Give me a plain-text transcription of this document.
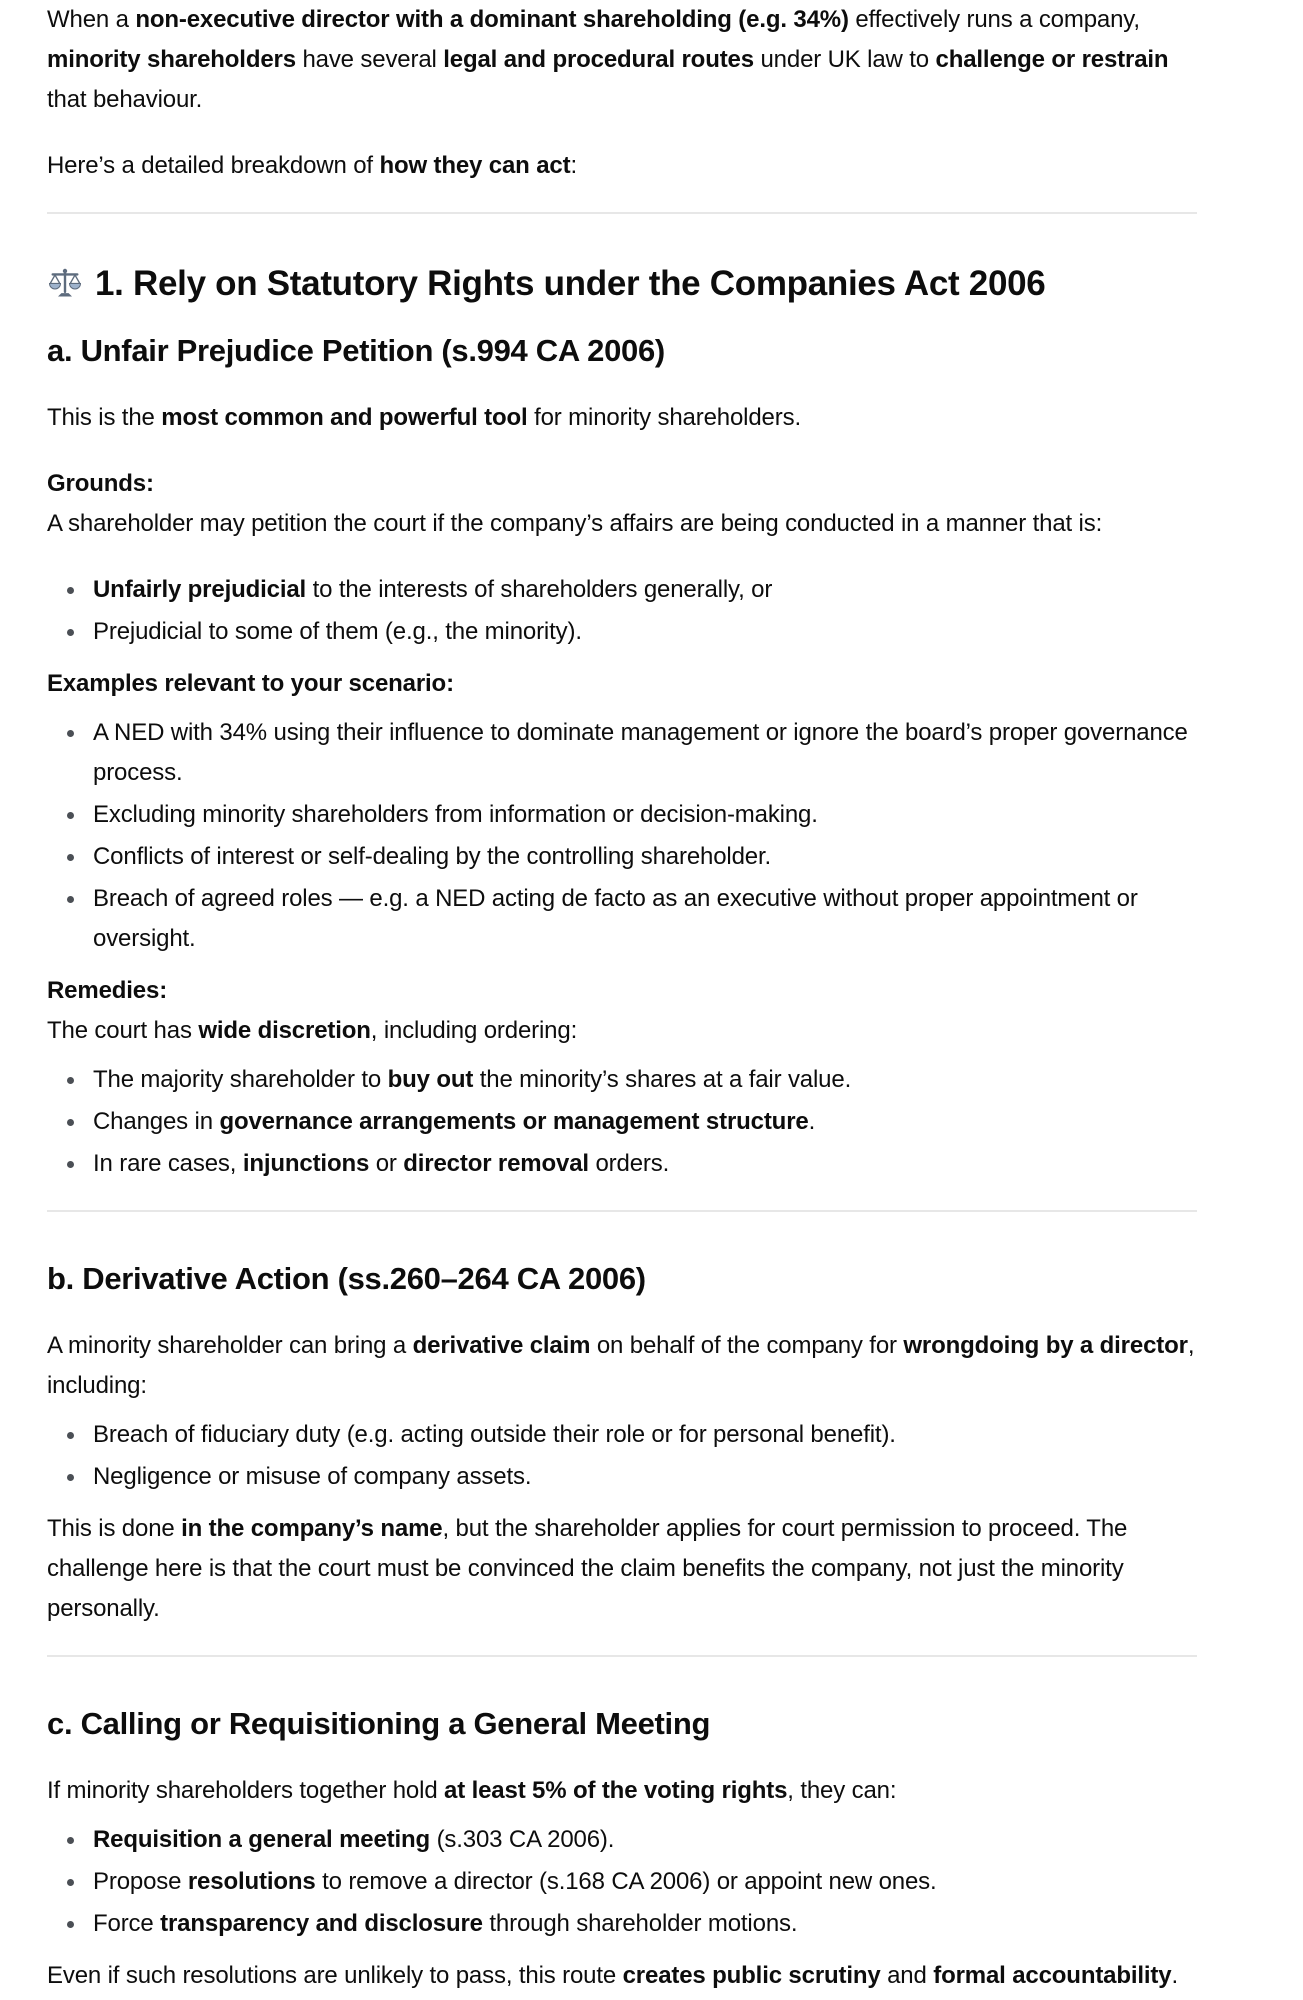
When a non-executive director with a dominant shareholding (e.g. 34%) effectively runs a company, minority shareholders have several legal and procedural routes under UK law to challenge or restrain that behaviour.

Here’s a detailed breakdown of how they can act:

1. Rely on Statutory Rights under the Companies Act 2006
a. Unfair Prejudice Petition (s.994 CA 2006)

This is the most common and powerful tool for minority shareholders.

Grounds:
A shareholder may petition the court if the company’s affairs are being conducted in a manner that is:

Unfairly prejudicial to the interests of shareholders generally, or
Prejudicial to some of them (e.g., the minority).

Examples relevant to your scenario:

A NED with 34% using their influence to dominate management or ignore the board’s proper governance process.
Excluding minority shareholders from information or decision-making.
Conflicts of interest or self-dealing by the controlling shareholder.
Breach of agreed roles — e.g. a NED acting de facto as an executive without proper appointment or oversight.

Remedies:
The court has wide discretion, including ordering:

The majority shareholder to buy out the minority’s shares at a fair value.
Changes in governance arrangements or management structure.
In rare cases, injunctions or director removal orders.
b. Derivative Action (ss.260–264 CA 2006)

A minority shareholder can bring a derivative claim on behalf of the company for wrongdoing by a director, including:

Breach of fiduciary duty (e.g. acting outside their role or for personal benefit).
Negligence or misuse of company assets.

This is done in the company’s name, but the shareholder applies for court permission to proceed. The challenge here is that the court must be convinced the claim benefits the company, not just the minority personally.

c. Calling or Requisitioning a General Meeting

If minority shareholders together hold at least 5% of the voting rights, they can:

Requisition a general meeting (s.303 CA 2006).
Propose resolutions to remove a director (s.168 CA 2006) or appoint new ones.
Force transparency and disclosure through shareholder motions.

Even if such resolutions are unlikely to pass, this route creates public scrutiny and formal accountability.
